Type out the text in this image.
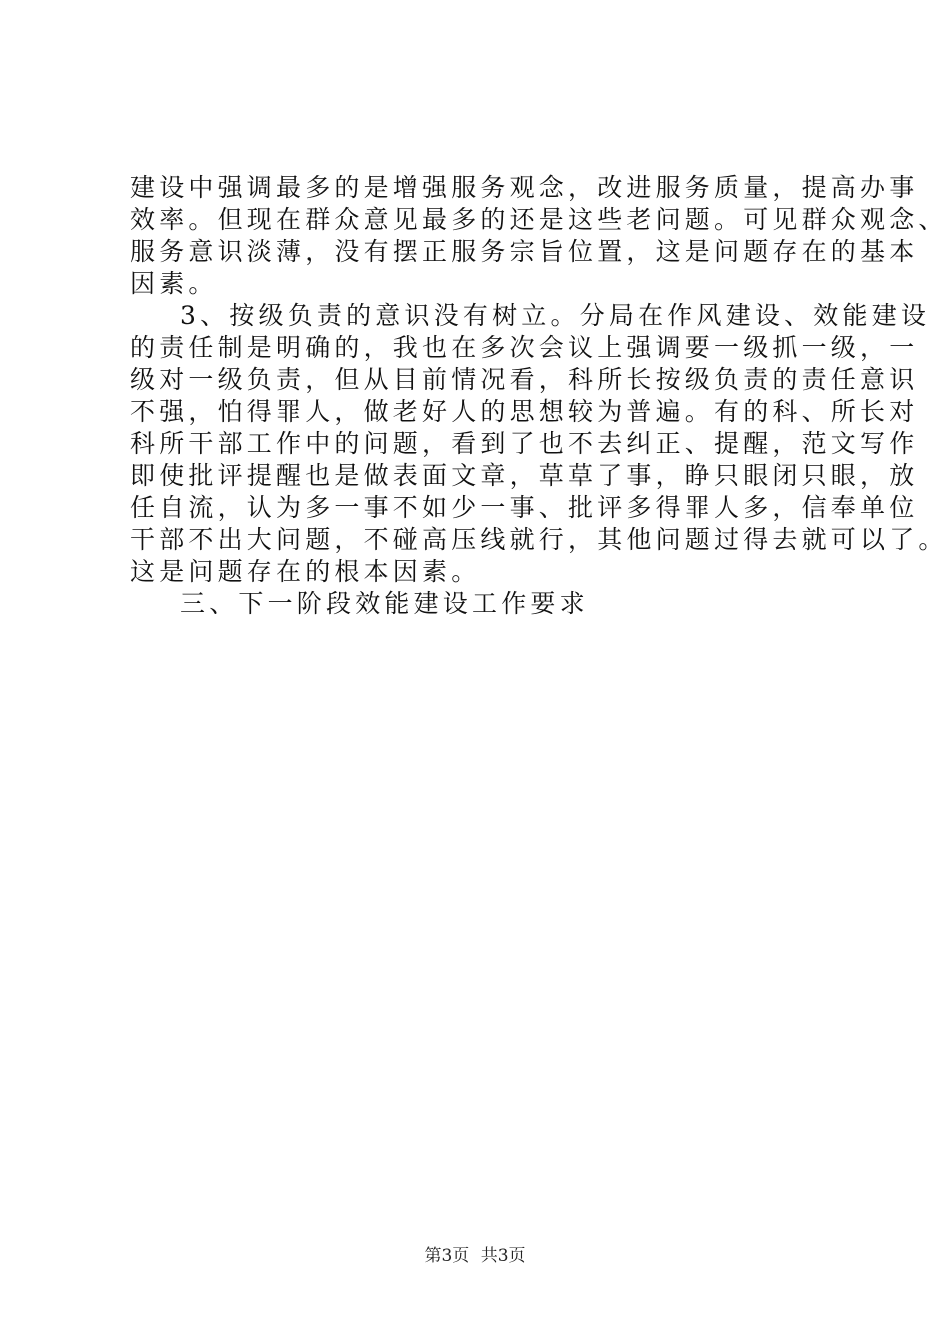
建设中强调最多的是增强服务观念，改进服务质量，提高办事
效率。但现在群众意见最多的还是这些老问题。可见群众观念、
服务意识淡薄，没有摆正服务宗旨位置，这是问题存在的基本
因素。
3、按级负责的意识没有树立。分局在作风建设、效能建设
的责任制是明确的，我也在多次会议上强调要一级抓一级，一
级对一级负责，但从目前情况看，科所长按级负责的责任意识
不强，怕得罪人，做老好人的思想较为普遍。有的科、所长对
科所干部工作中的问题，看到了也不去纠正、提醒，范文写作
即使批评提醒也是做表面文章，草草了事，睁只眼闭只眼，放
任自流，认为多一事不如少一事、批评多得罪人多，信奉单位
干部不出大问题，不碰高压线就行，其他问题过得去就可以了。
这是问题存在的根本因素。
三、下一阶段效能建设工作要求
第3页 共3页
